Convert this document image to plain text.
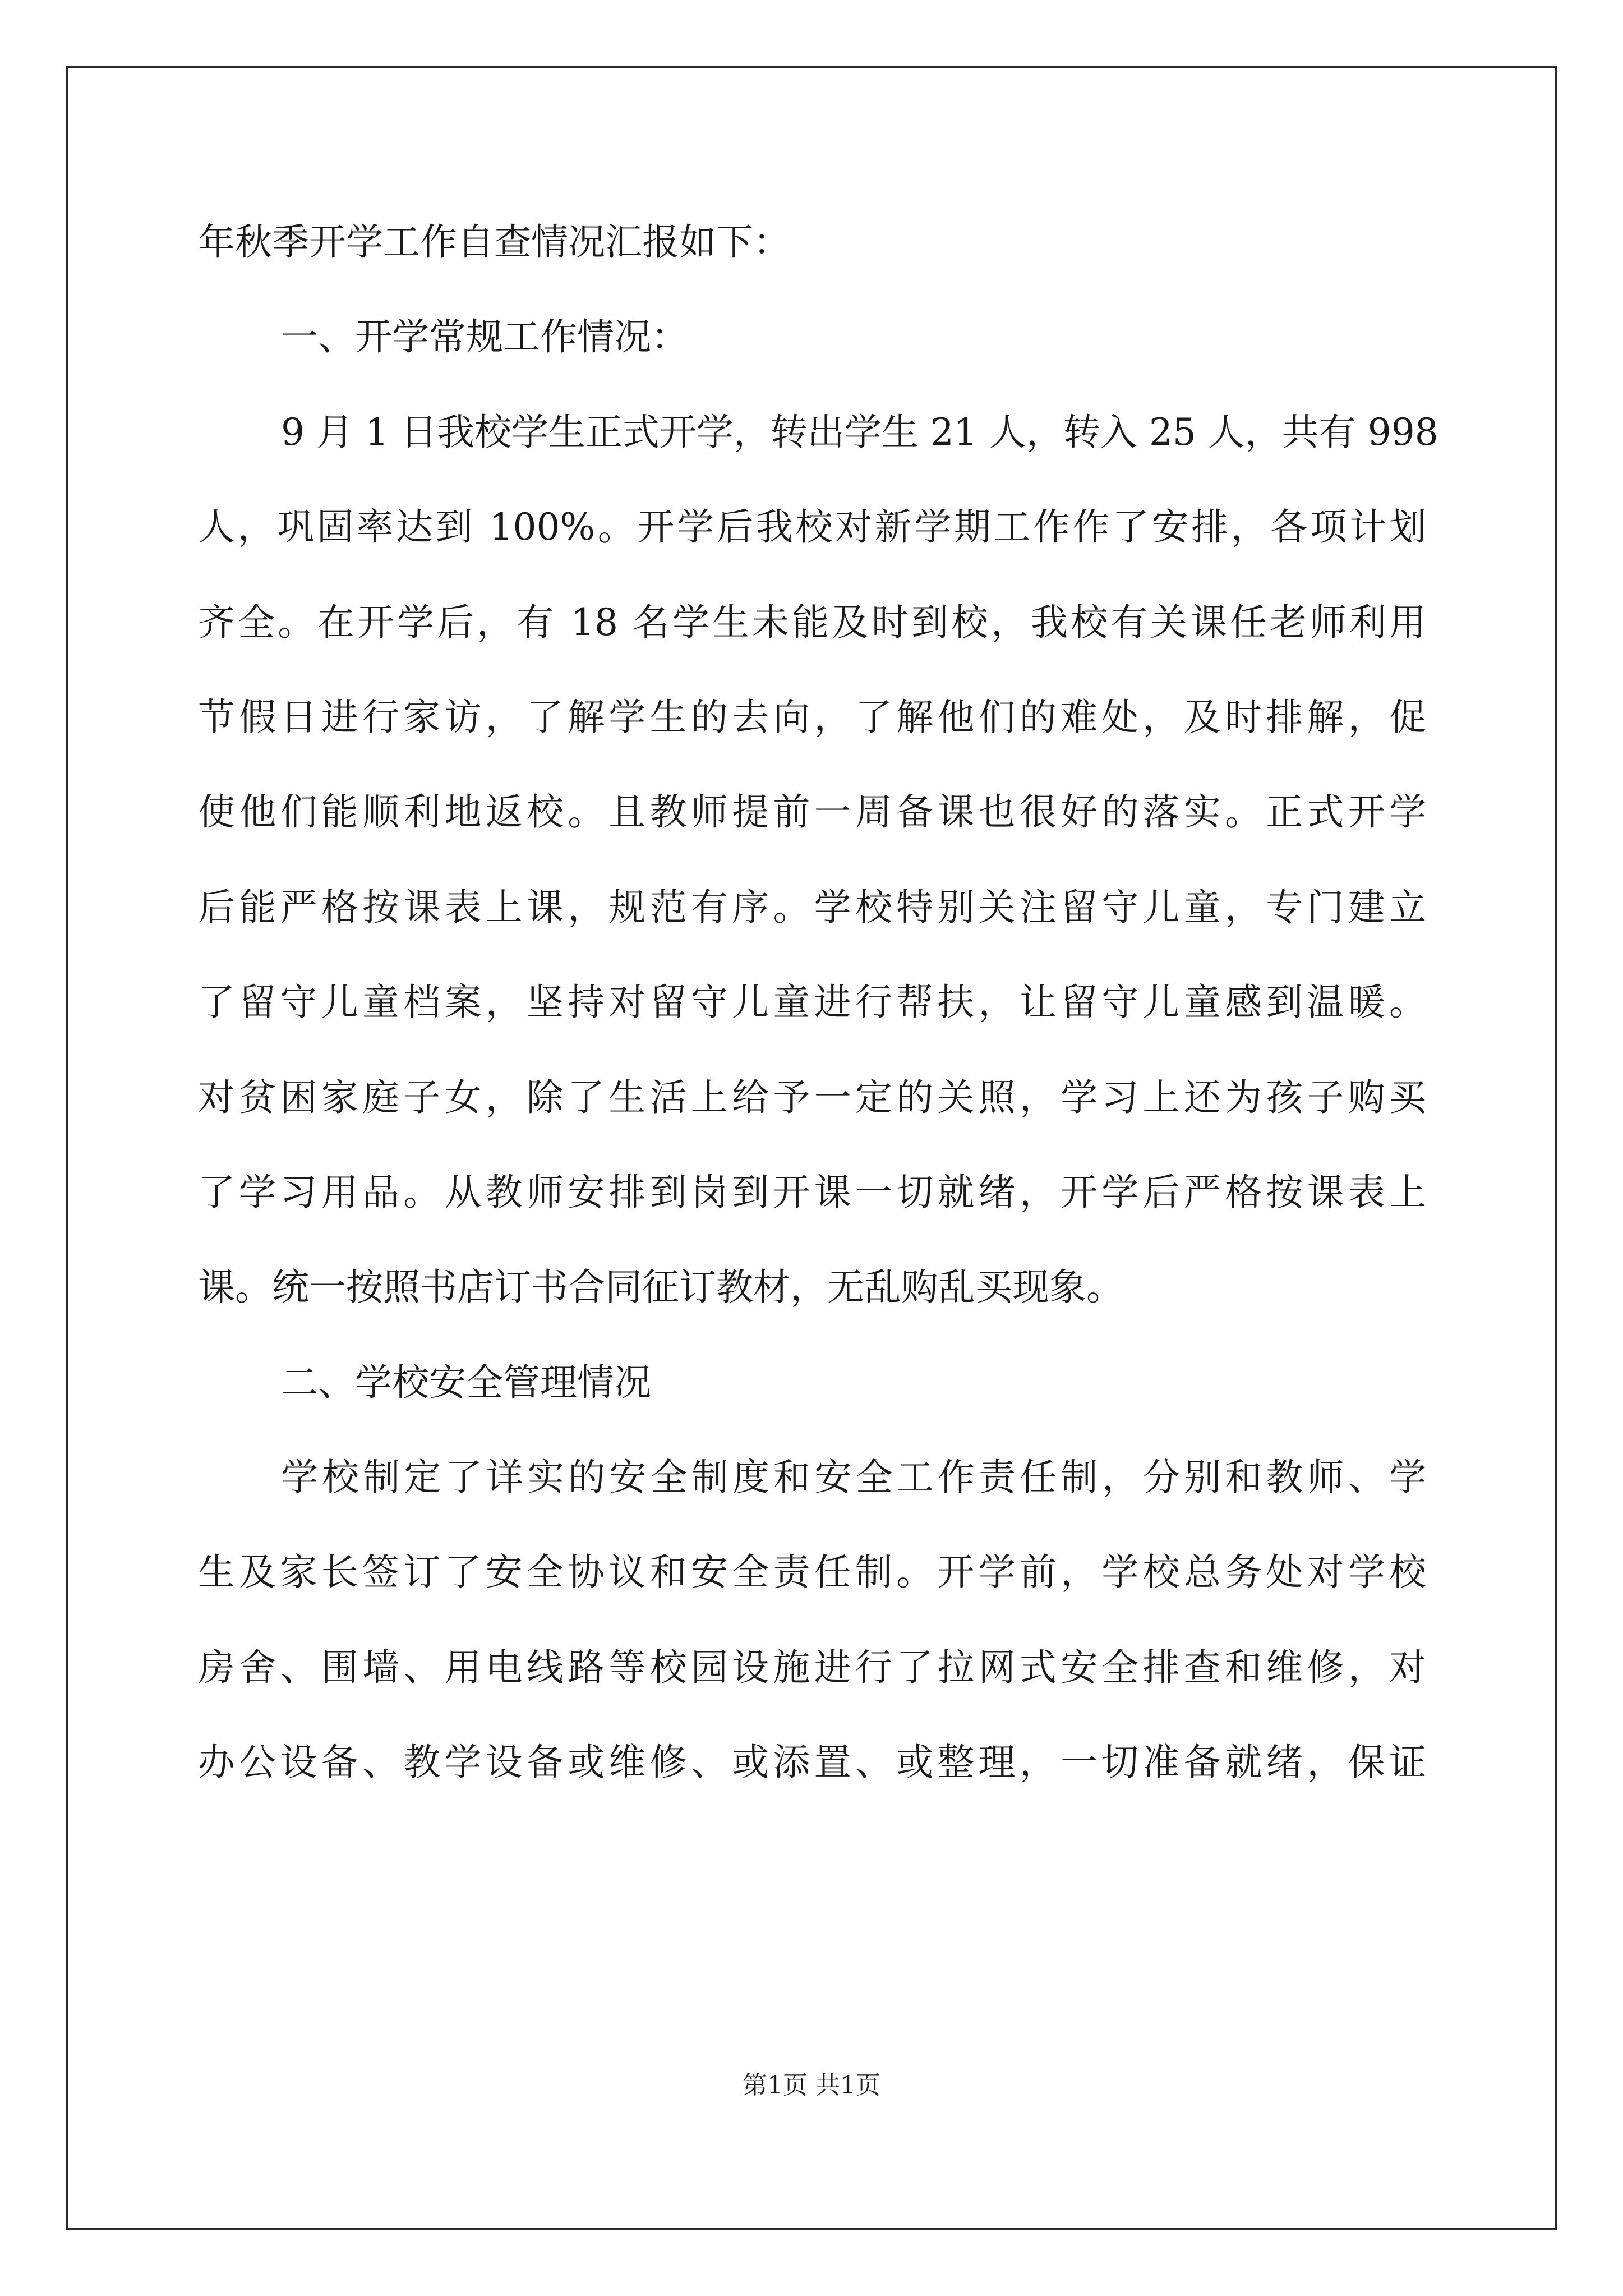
年秋季开学工作自查情况汇报如下：
一、开学常规工作情况：
9 月 1 日我校学生正式开学，转出学生 21 人，转入 25 人，共有 998
人，巩固率达到 100%。开学后我校对新学期工作作了安排，各项计划
齐全。在开学后，有 18 名学生未能及时到校，我校有关课任老师利用
节假日进行家访，了解学生的去向，了解他们的难处，及时排解，促
使他们能顺利地返校。且教师提前一周备课也很好的落实。正式开学
后能严格按课表上课，规范有序。学校特别关注留守儿童，专门建立
了留守儿童档案，坚持对留守儿童进行帮扶，让留守儿童感到温暖。
对贫困家庭子女，除了生活上给予一定的关照，学习上还为孩子购买
了学习用品。从教师安排到岗到开课一切就绪，开学后严格按课表上
课。统一按照书店订书合同征订教材，无乱购乱买现象。
二、学校安全管理情况
学校制定了详实的安全制度和安全工作责任制，分别和教师、学
生及家长签订了安全协议和安全责任制。开学前，学校总务处对学校
房舍、围墙、用电线路等校园设施进行了拉网式安全排查和维修，对
办公设备、教学设备或维修、或添置、或整理，一切准备就绪，保证
第1页 共1页
